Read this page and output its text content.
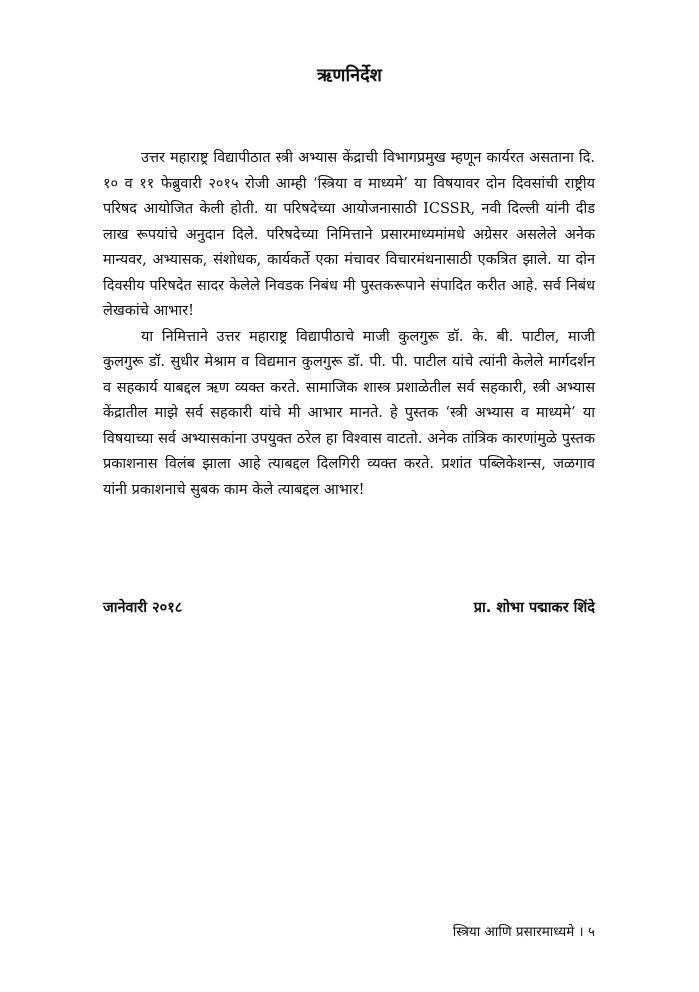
ऋणनिर्देश

उत्तर महाराष्ट्र विद्यापीठात स्त्री अभ्यास केंद्राची विभागप्रमुख म्हणून कार्यरत असताना दि. १० व ११ फेब्रुवारी २०१५ रोजी आम्ही ‘स्त्रिया व माध्यमे’ या विषयावर दोन दिवसांची राष्ट्रीय परिषद आयोजित केली होती. या परिषदेच्या आयोजनासाठी ICSSR, नवी दिल्ली यांनी दीड लाख रूपयांचे अनुदान दिले. परिषदेच्या निमित्ताने प्रसारमाध्यमांमधे अग्रेसर असलेले अनेक मान्यवर, अभ्यासक, संशोधक, कार्यकर्ते एका मंचावर विचारमंथनासाठी एकत्रित झाले. या दोन दिवसीय परिषदेत सादर केलेले निवडक निबंध मी पुस्तकरूपाने संपादित करीत आहे. सर्व निबंध लेखकांचे आभार!

या निमित्ताने उत्तर महाराष्ट्र विद्यापीठाचे माजी कुलगुरू डॉ. के. बी. पाटील, माजी कुलगुरू डॉ. सुधीर मेश्राम व विद्यमान कुलगुरू डॉ. पी. पी. पाटील यांचे त्यांनी केलेले मार्गदर्शन व सहकार्य याबद्दल ऋण व्यक्त करते. सामाजिक शास्त्र प्रशाळेतील सर्व सहकारी, स्त्री अभ्यास केंद्रातील माझे सर्व सहकारी यांचे मी आभार मानते. हे पुस्तक ‘स्त्री अभ्यास व माध्यमे’ या विषयाच्या सर्व अभ्यासकांना उपयुक्त ठरेल हा विश्वास वाटतो. अनेक तांत्रिक कारणांमुळे पुस्तक प्रकाशनास विलंब झाला आहे त्याबद्दल दिलगिरी व्यक्त करते. प्रशांत पब्लिकेशन्स, जळगाव यांनी प्रकाशनाचे सुबक काम केले त्याबद्दल आभार!

जानेवारी २०१८	प्रा. शोभा पद्माकर शिंदे
स्त्रिया आणि प्रसारमाध्यमे । ५
